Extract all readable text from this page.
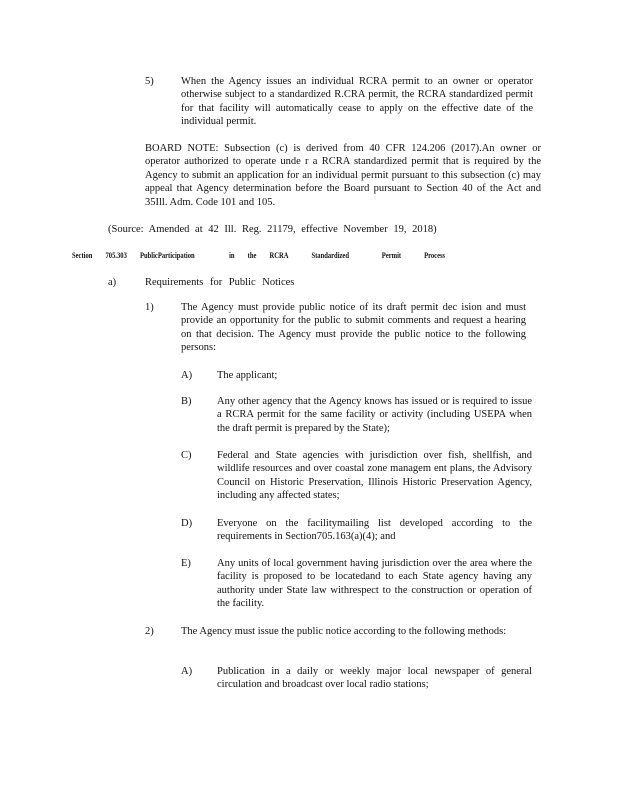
5)	When the Agency issues an individual RCRA permit to an owner or operator otherwise subject to a standardized R.CRA permit, the RCRA standardized permit for that facility will automatically cease to apply on the effective date of the individual permit.
BOARD NOTE: Subsection (c) is derived from 40 CFR 124.206 (2017).An owner or operator authorized to operate unde r a RCRA standardized permit that is required by the Agency to submit an application for an individual permit pursuant to this subsection (c) may appeal that Agency determination before the Board pursuant to Section 40 of the Act and 35Ill. Adm. Code 101 and 105.
(Source: Amended at 42 Ill. Reg. 21179, effective November 19, 2018)
Section 705.303 PublicParticipation	in the RCRA	Standardized	Permit	Process
a)	Requirements for Public Notices
1)	The Agency must provide public notice of its draft permit dec ision and must provide an opportunity for the public to submit comments and request a hearing on that decision. The Agency must provide the public notice to the following persons:
A) The applicant;
B) Any other agency that the Agency knows has issued or is required to issue a RCRA permit for the same facility or activity (including USEPA when the draft permit is prepared by the State);
C) Federal and State agencies with jurisdiction over fish, shellfish, and wildlife resources and over coastal zone managem ent plans, the Advisory Council on Historic Preservation, Illinois Historic Preservation Agency, including any affected states;
D) Everyone on the facilitymailing list developed according to the requirements in Section705.163(a)(4); and
E) Any units of local government having jurisdiction over the area where the facility is proposed to be locatedand to each State agency having any authority under State law withrespect to the construction or operation of the facility.
2)	The Agency must issue the public notice according to the following methods:
A) Publication in a daily or weekly major local newspaper of general circulation and broadcast over local radio stations;
